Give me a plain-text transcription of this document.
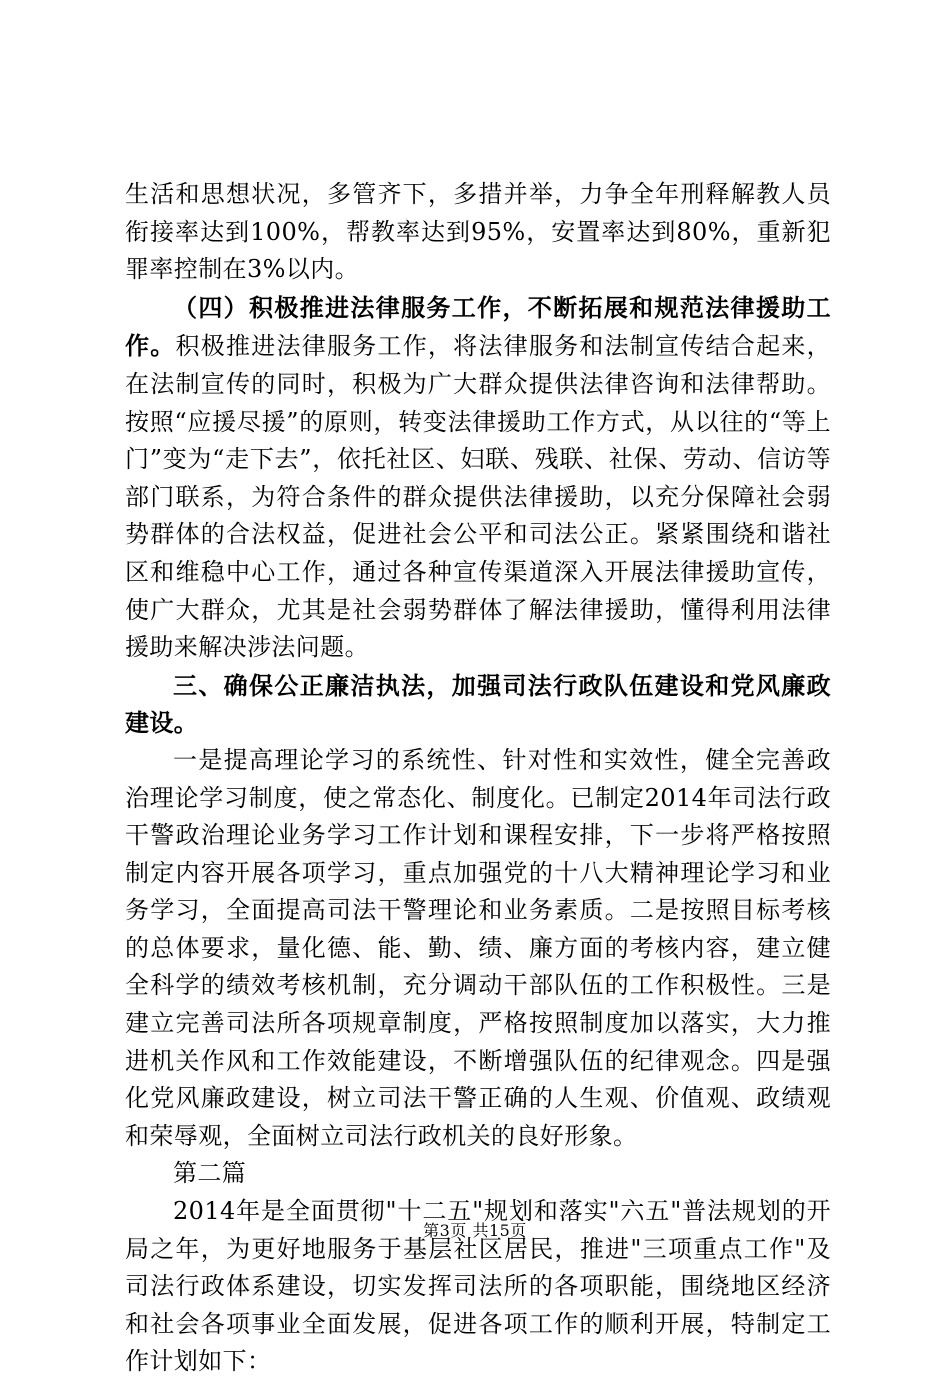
生活和思想状况，多管齐下，多措并举，力争全年刑释解教人员衔接率达到100%，帮教率达到95%，安置率达到80%，重新犯罪率控制在3%以内。

（四）积极推进法律服务工作，不断拓展和规范法律援助工作。积极推进法律服务工作，将法律服务和法制宣传结合起来，在法制宣传的同时，积极为广大群众提供法律咨询和法律帮助。按照“应援尽援”的原则，转变法律援助工作方式，从以往的“等上门”变为“走下去”，依托社区、妇联、残联、社保、劳动、信访等部门联系，为符合条件的群众提供法律援助，以充分保障社会弱势群体的合法权益，促进社会公平和司法公正。紧紧围绕和谐社区和维稳中心工作，通过各种宣传渠道深入开展法律援助宣传，使广大群众，尤其是社会弱势群体了解法律援助，懂得利用法律援助来解决涉法问题。

三、确保公正廉洁执法，加强司法行政队伍建设和党风廉政建设。

一是提高理论学习的系统性、针对性和实效性，健全完善政治理论学习制度，使之常态化、制度化。已制定2014年司法行政干警政治理论业务学习工作计划和课程安排，下一步将严格按照制定内容开展各项学习，重点加强党的十八大精神理论学习和业务学习，全面提高司法干警理论和业务素质。二是按照目标考核的总体要求，量化德、能、勤、绩、廉方面的考核内容，建立健全科学的绩效考核机制，充分调动干部队伍的工作积极性。三是建立完善司法所各项规章制度，严格按照制度加以落实，大力推进机关作风和工作效能建设，不断增强队伍的纪律观念。四是强化党风廉政建设，树立司法干警正确的人生观、价值观、政绩观和荣辱观，全面树立司法行政机关的良好形象。

第二篇

2014年是全面贯彻"十二五"规划和落实"六五"普法规划的开局之年，为更好地服务于基层社区居民，推进"三项重点工作"及司法行政体系建设，切实发挥司法所的各项职能，围绕地区经济和社会各项事业全面发展，促进各项工作的顺利开展，特制定工作计划如下：

第3页 共15页
